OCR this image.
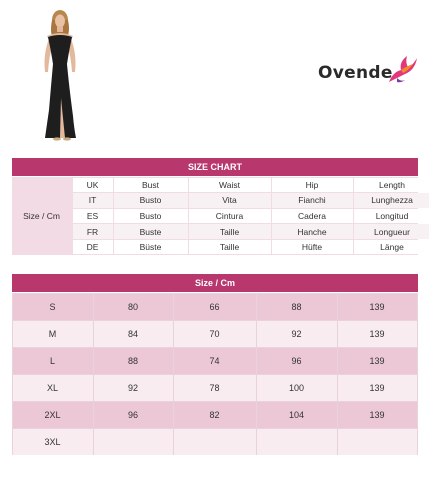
Ovende
SIZE CHART
Size / Cm
UK	Bust	Waist	Hip	Length
IT	Busto	Vita	Fianchi	Lunghezza
ES	Busto	Cintura	Cadera	Longitud
FR	Buste	Taille	Hanche	Longueur
DE	Büste	Taille	Hüfte	Länge
Size / Cm
S	80	66	88	139
M	84	70	92	139
L	88	74	96	139
XL	92	78	100	139
2XL	96	82	104	139
3XL
